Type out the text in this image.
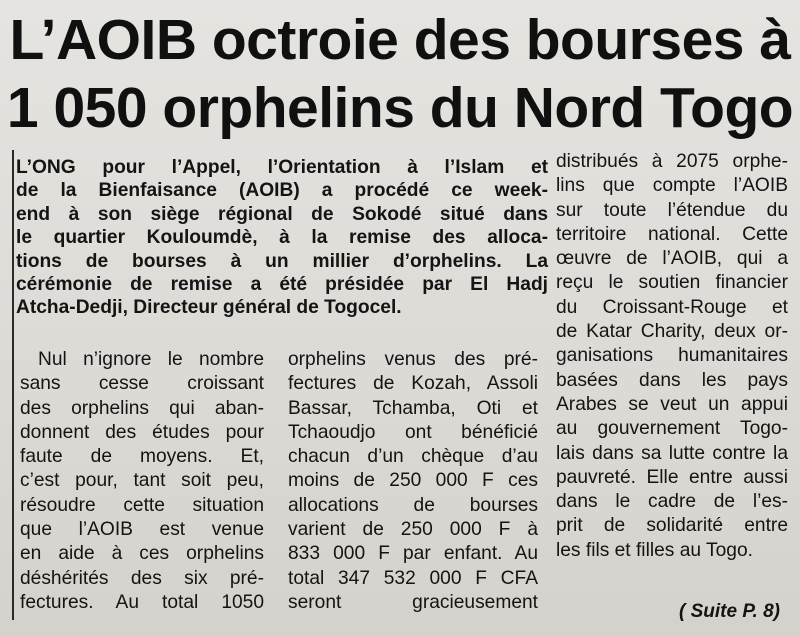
L’AOIB octroie des bourses à
1 050 orphelins du Nord Togo
L’ONG pour l’Appel, l’Orientation à l’Islam et
de la Bienfaisance (AOIB) a procédé ce week-
end à son siège régional de Sokodé situé dans
le quartier Kouloumdè, à la remise des alloca-
tions de bourses à un millier d’orphelins. La
cérémonie de remise a été présidée par El Hadj
Atcha-Dedji, Directeur général de Togocel.
Nul n’ignore le nombre
sans cesse croissant
des orphelins qui aban-
donnent des études pour
faute de moyens. Et,
c’est pour, tant soit peu,
résoudre cette situation
que l’AOIB est venue
en aide à ces orphelins
déshérités des six pré-
fectures. Au total 1050
orphelins venus des pré-
fectures de Kozah, Assoli
Bassar, Tchamba, Oti et
Tchaoudjo ont bénéficié
chacun d’un chèque d’au
moins de 250 000 F ces
allocations de bourses
varient de 250 000 F à
833 000 F par enfant. Au
total 347 532 000 F CFA
seront gracieusement
distribués à 2075 orphe-
lins que compte l’AOIB
sur toute l’étendue du
territoire national. Cette
œuvre de l’AOIB, qui a
reçu le soutien financier
du Croissant-Rouge et
de Katar Charity, deux or-
ganisations humanitaires
basées dans les pays
Arabes se veut un appui
au gouvernement Togo-
lais dans sa lutte contre la
pauvreté. Elle entre aussi
dans le cadre de l’es-
prit de solidarité entre
les fils et filles au Togo.
( Suite P. 8)
